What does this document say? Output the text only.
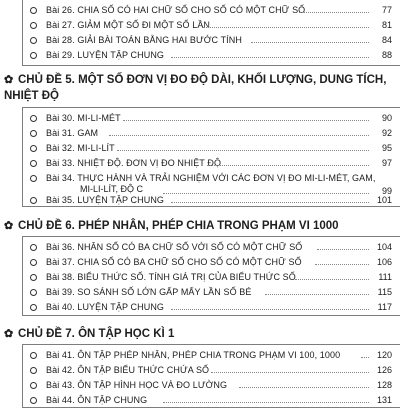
Bài 26. CHIA SỐ CÓ HAI CHỮ SỐ CHO SỐ CÓ MỘT CHỮ SỐ	77
Bài 27. GIẢM MỘT SỐ ĐI MỘT SỐ LẦN	81
Bài 28. GIẢI BÀI TOÁN BẰNG HAI BƯỚC TÍNH	84
Bài 29. LUYỆN TẬP CHUNG	88
✿ CHỦ ĐỀ 5. MỘT SỐ ĐƠN VỊ ĐO ĐỘ DÀI, KHỐI LƯỢNG, DUNG TÍCH,
NHIỆT ĐỘ
Bài 30. MI-LI-MÉT	90
Bài 31. GAM	92
Bài 32. MI-LI-LÍT	95
Bài 33. NHIỆT ĐỘ. ĐƠN VỊ ĐO NHIỆT ĐỘ	97
Bài 34. THỰC HÀNH VÀ TRẢI NGHIỆM VỚI CÁC ĐƠN VỊ ĐO MI-LI-MÉT, GAM,
MI-LI-LÍT, ĐỘ C	99
Bài 35. LUYỆN TẬP CHUNG	101
✿ CHỦ ĐỀ 6. PHÉP NHÂN, PHÉP CHIA TRONG PHẠM VI 1000
Bài 36. NHÂN SỐ CÓ BA CHỮ SỐ VỚI SỐ CÓ MỘT CHỮ SỐ	104
Bài 37. CHIA SỐ CÓ BA CHỮ SỐ CHO SỐ CÓ MỘT CHỮ SỐ	106
Bài 38. BIỂU THỨC SỐ. TÍNH GIÁ TRỊ CỦA BIỂU THỨC SỐ	111
Bài 39. SO SÁNH SỐ LỚN GẤP MẤY LẦN SỐ BÉ	115
Bài 40. LUYỆN TẬP CHUNG	117
✿ CHỦ ĐỀ 7. ÔN TẬP HỌC KÌ 1
Bài 41. ÔN TẬP PHÉP NHÂN, PHÉP CHIA TRONG PHẠM VI 100, 1000	120
Bài 42. ÔN TẬP BIỂU THỨC CHỨA SỐ	126
Bài 43. ÔN TẬP HÌNH HỌC VÀ ĐO LƯỜNG	128
Bài 44. ÔN TẬP CHUNG	131
